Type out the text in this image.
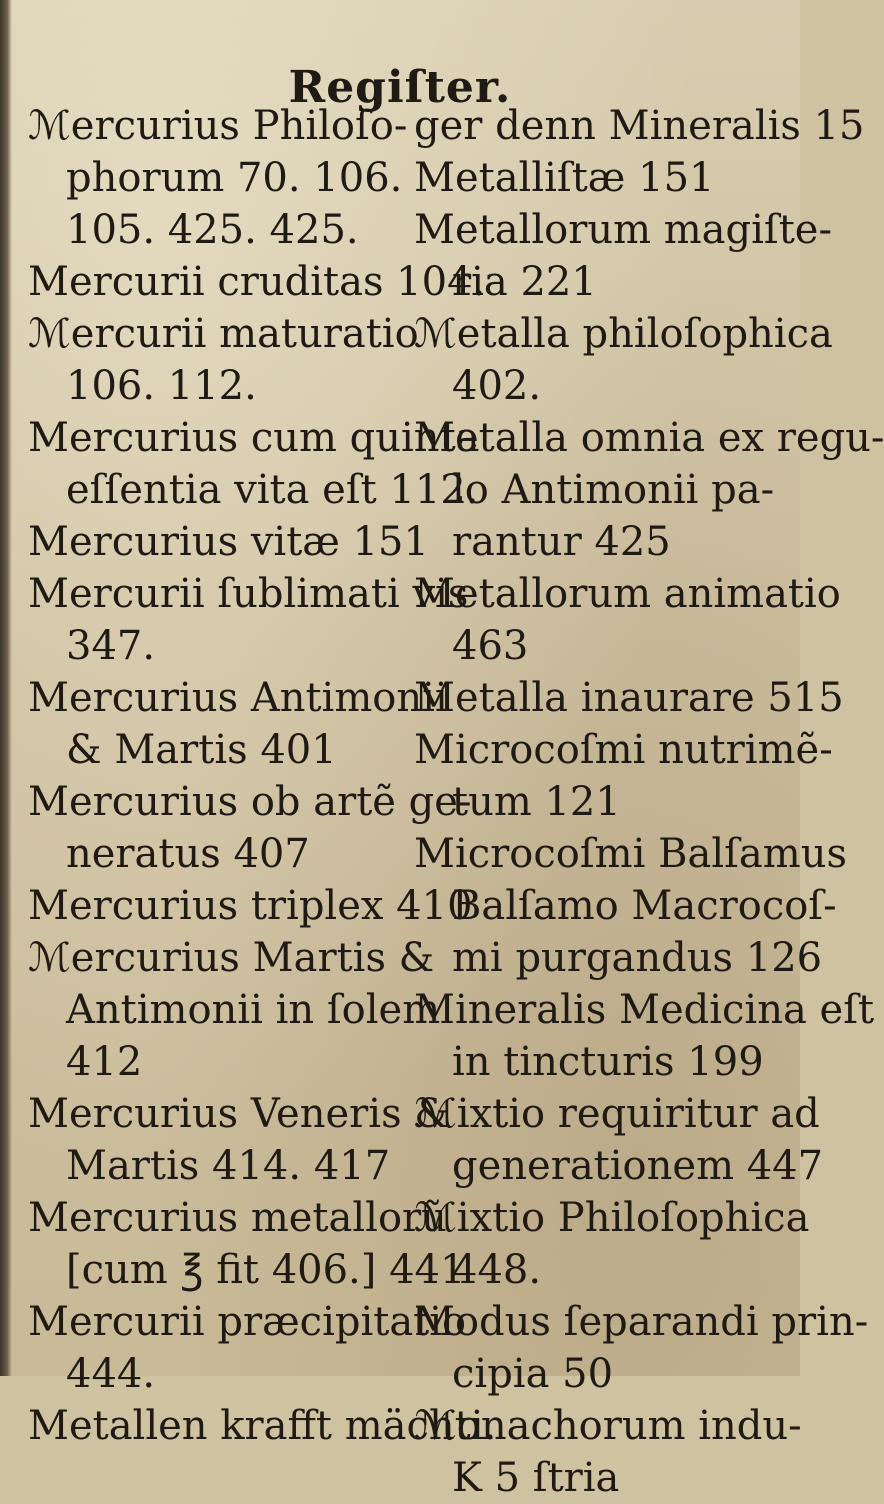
Regiſter.
ℳercurius Philoſo-
phorum 70. 106.
105. 425. 425.
Mercurii cruditas 104.
ℳercurii maturatio
106. 112.
Mercurius cum quinta
eſſentia vita eſt 112.
Mercurius vitæ 151
Mercurii ſublimati vis
347.
Mercurius Antimonii
& Martis 401
Mercurius ob artẽ ge-
neratus 407
Mercurius triplex 410
ℳercurius Martis &
Antimonii in ſolem
412
Mercurius Veneris &
Martis 414. 417
Mercurius metallorũ
[cum ℥ fit 406.] 441
Mercurii præcipitatio
444.
Metallen krafft mächti.
ger denn Mineralis 15
Metalliſtæ 151
Metallorum magiſte-
ria 221
ℳetalla philoſophica
402.
Metalla omnia ex regu-
lo Antimonii pa-
rantur 425
Metallorum animatio
463
Metalla inaurare 515
Microcoſmi nutrimẽ-
tum 121
Microcoſmi Balſamus
Balſamo Macrocoſ-
mi purgandus 126
Mineralis Medicina eſt
in tincturis 199
ℳixtio requiritur ad
generationem 447
ℳixtio Philoſophica
448.
Modus ſeparandi prin-
cipia 50
ℳonachorum indu-
K 5 ſtria
